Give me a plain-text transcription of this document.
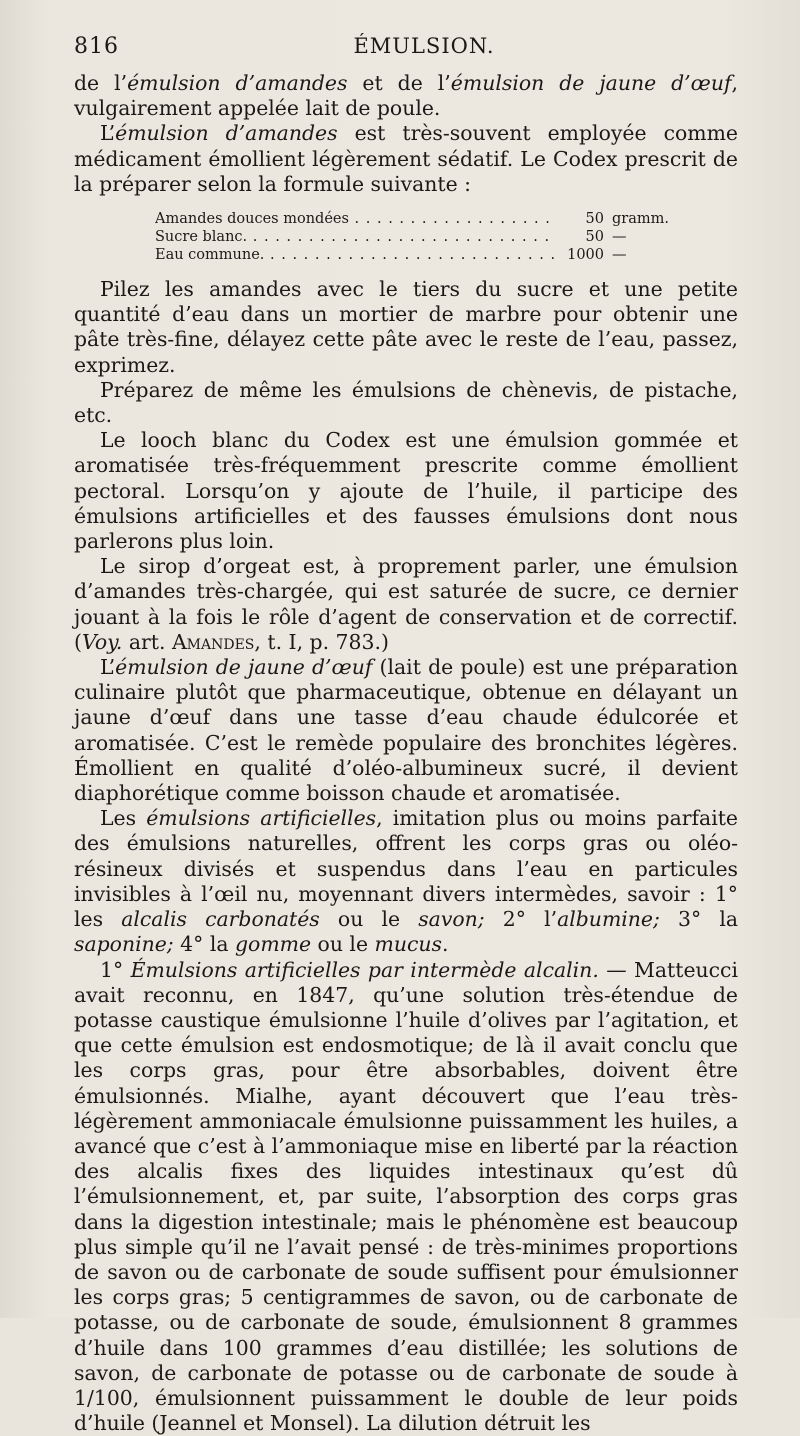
816	ÉMULSION.

de l’émulsion d’amandes et de l’émulsion de jaune d’œuf, vulgairement appelée lait de poule.

L’émulsion d’amandes est très-souvent employée comme médicament émollient légèrement sédatif. Le Codex prescrit de la préparer selon la formule suivante :

Amandes douces mondées . . .	50 gramm.
Sucre blanc. . . .	50 —
Eau commune. . . .	1000 —

Pilez les amandes avec le tiers du sucre et une petite quantité d’eau dans un mortier de marbre pour obtenir une pâte très-fine, délayez cette pâte avec le reste de l’eau, passez, exprimez.

Préparez de même les émulsions de chènevis, de pistache, etc.

Le looch blanc du Codex est une émulsion gommée et aromatisée très-fréquemment prescrite comme émollient pectoral. Lorsqu’on y ajoute de l’huile, il participe des émulsions artificielles et des fausses émulsions dont nous parlerons plus loin.

Le sirop d’orgeat est, à proprement parler, une émulsion d’amandes très-chargée, qui est saturée de sucre, ce dernier jouant à la fois le rôle d’agent de conservation et de correctif. (Voy. art. Amandes, t. I, p. 783.)

L’émulsion de jaune d’œuf (lait de poule) est une préparation culinaire plutôt que pharmaceutique, obtenue en délayant un jaune d’œuf dans une tasse d’eau chaude édulcorée et aromatisée. C’est le remède populaire des bronchites légères. Émollient en qualité d’oléo-albumineux sucré, il devient diaphorétique comme boisson chaude et aromatisée.

Les émulsions artificielles, imitation plus ou moins parfaite des émulsions naturelles, offrent les corps gras ou oléo-résineux divisés et suspendus dans l’eau en particules invisibles à l’œil nu, moyennant divers intermèdes, savoir : 1° les alcalis carbonatés ou le savon; 2° l’albumine; 3° la saponine; 4° la gomme ou le mucus.

1° Émulsions artificielles par intermède alcalin. — Matteucci avait reconnu, en 1847, qu’une solution très-étendue de potasse caustique émulsionne l’huile d’olives par l’agitation, et que cette émulsion est endosmotique; de là il avait conclu que les corps gras, pour être absorbables, doivent être émulsionnés. Mialhe, ayant découvert que l’eau très-légèrement ammoniacale émulsionne puissamment les huiles, a avancé que c’est à l’ammoniaque mise en liberté par la réaction des alcalis fixes des liquides intestinaux qu’est dû l’émulsionnement, et, par suite, l’absorption des corps gras dans la digestion intestinale; mais le phénomène est beaucoup plus simple qu’il ne l’avait pensé : de très-minimes proportions de savon ou de carbonate de soude suffisent pour émulsionner les corps gras; 5 centigrammes de savon, ou de carbonate de potasse, ou de carbonate de soude, émulsionnent 8 grammes d’huile dans 100 grammes d’eau distillée; les solutions de savon, de carbonate de potasse ou de carbonate de soude à 1/100, émulsionnent puissamment le double de leur poids d’huile (Jeannel et Monsel). La dilution détruit les
